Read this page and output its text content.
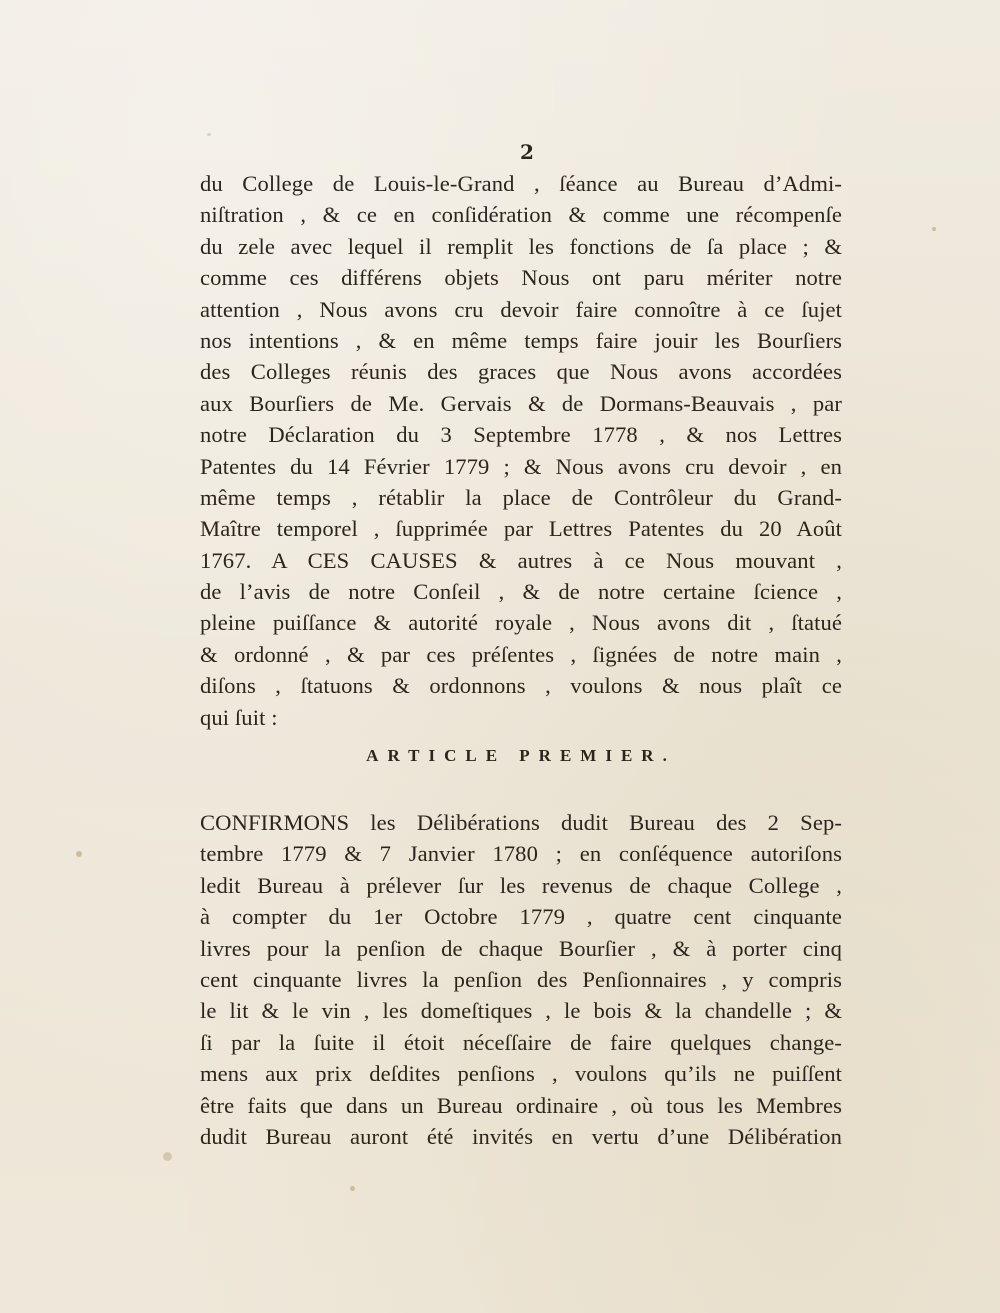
2
du College de Louis-le-Grand , ſéance au Bureau d’Admi-
niſtration , & ce en conſidération & comme une récompenſe
du zele avec lequel il remplit les fonctions de ſa place ; &
comme ces différens objets Nous ont paru mériter notre
attention , Nous avons cru devoir faire connoître à ce ſujet
nos intentions , & en même temps faire jouir les Bourſiers
des Colleges réunis des graces que Nous avons accordées
aux Bourſiers de Me. Gervais & de Dormans-Beauvais , par
notre Déclaration du 3 Septembre 1778 , & nos Lettres
Patentes du 14 Février 1779 ; & Nous avons cru devoir , en
même temps , rétablir la place de Contrôleur du Grand-
Maître temporel , ſupprimée par Lettres Patentes du 20 Août
1767. A CES CAUSES & autres à ce Nous mouvant ,
de l’avis de notre Conſeil , & de notre certaine ſcience ,
pleine puiſſance & autorité royale , Nous avons dit , ſtatué
& ordonné , & par ces préſentes , ſignées de notre main ,
diſons , ſtatuons & ordonnons , voulons & nous plaît ce
qui ſuit :
ARTICLE PREMIER.
CONFIRMONS les Délibérations dudit Bureau des 2 Sep-
tembre 1779 & 7 Janvier 1780 ; en conſéquence autoriſons
ledit Bureau à prélever ſur les revenus de chaque College ,
à compter du 1er Octobre 1779 , quatre cent cinquante
livres pour la penſion de chaque Bourſier , & à porter cinq
cent cinquante livres la penſion des Penſionnaires , y compris
le lit & le vin , les domeſtiques , le bois & la chandelle ; &
ſi par la ſuite il étoit néceſſaire de faire quelques change-
mens aux prix deſdites penſions , voulons qu’ils ne puiſſent
être faits que dans un Bureau ordinaire , où tous les Membres
dudit Bureau auront été invités en vertu d’une Délibération
